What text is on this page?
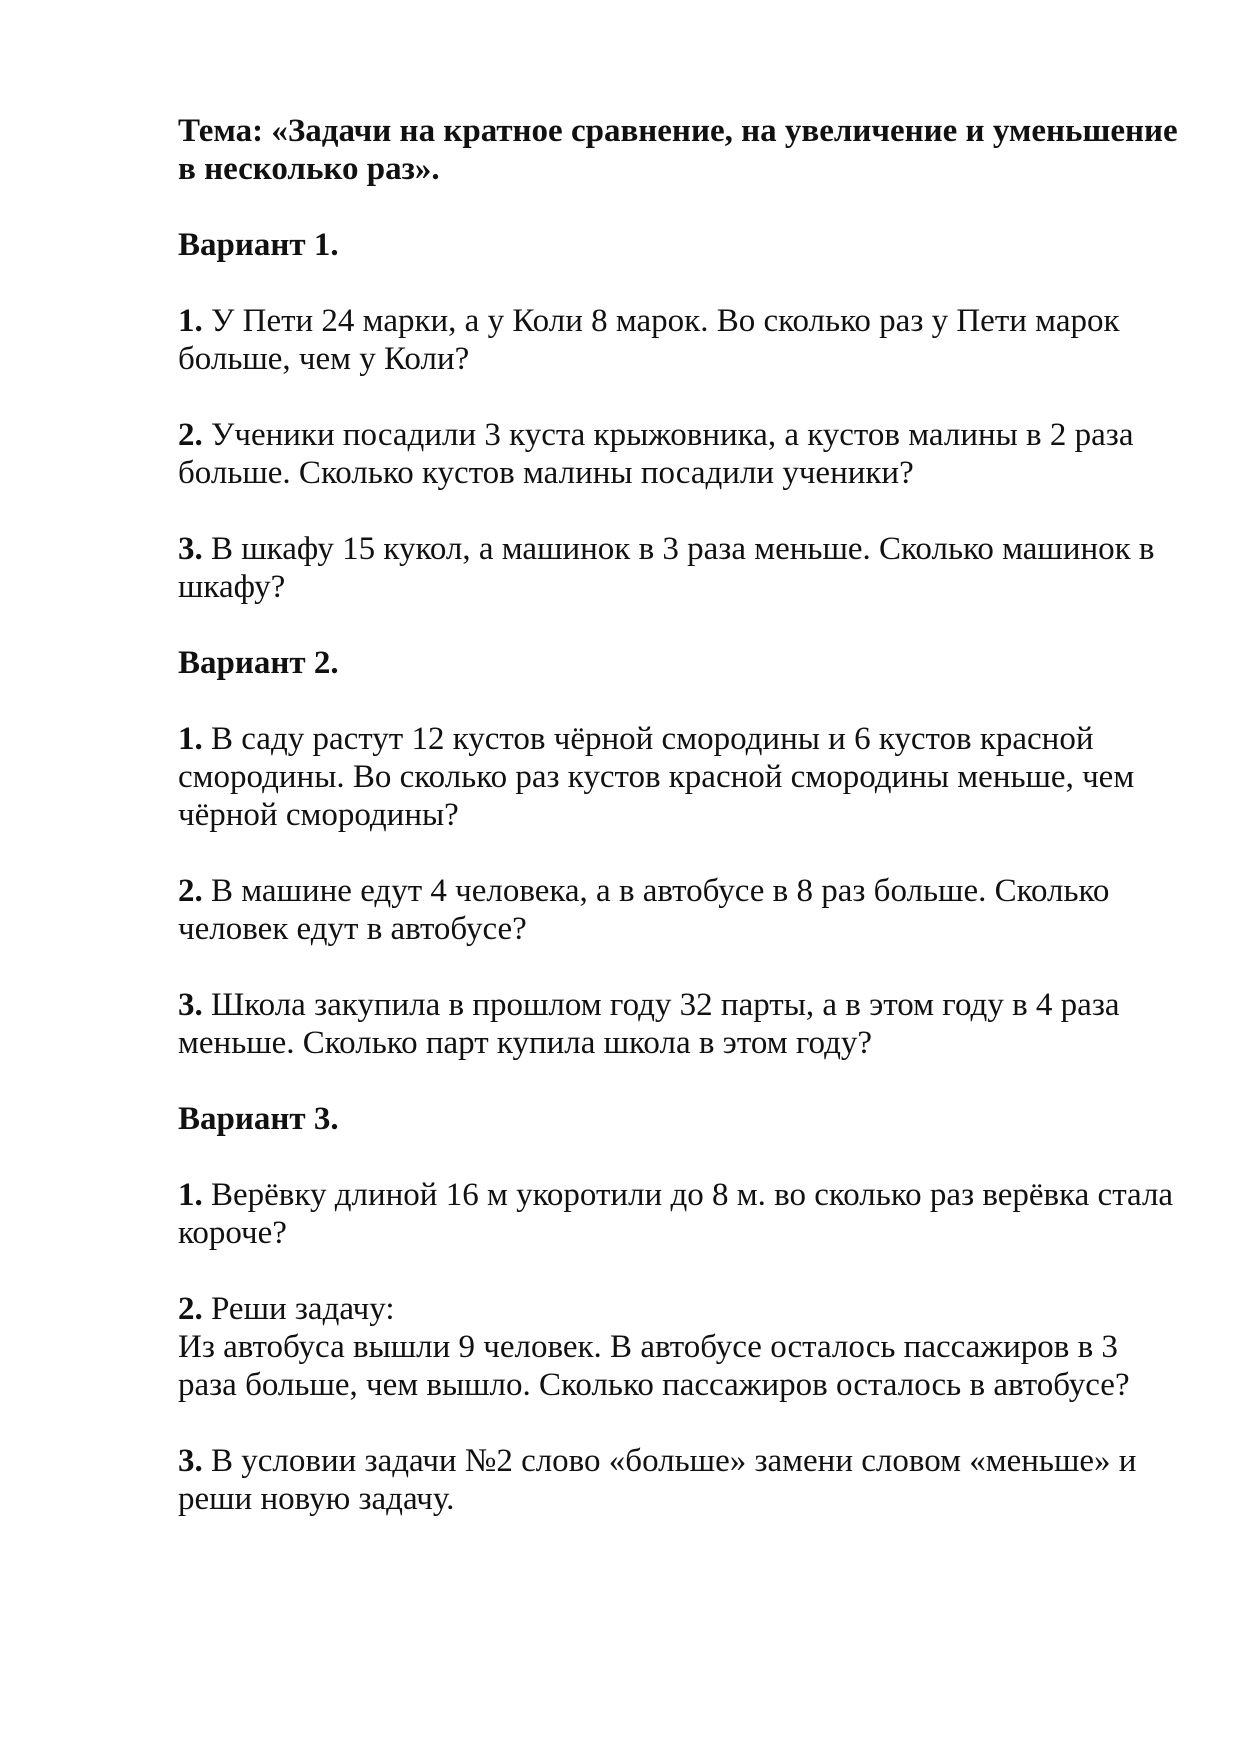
Тема: «Задачи на кратное сравнение, на увеличение и уменьшение в несколько раз».
Вариант 1.

1. У Пети 24 марки, а у Коли 8 марок. Во сколько раз у Пети марок больше, чем у Коли?

2. Ученики посадили 3 куста крыжовника, а кустов малины в 2 раза больше. Сколько кустов малины посадили ученики?

3. В шкафу 15 кукол, а машинок в 3 раза меньше. Сколько машинок в шкафу?

Вариант 2.

1. В саду растут 12 кустов чёрной смородины и 6 кустов красной смородины. Во сколько раз кустов красной смородины меньше, чем чёрной смородины?

2. В машине едут 4 человека, а в автобусе в 8 раз больше. Сколько человек едут в автобусе?

3. Школа закупила в прошлом году 32 парты, а в этом году в 4 раза меньше. Сколько парт купила школа в этом году?

Вариант 3.

1. Верёвку длиной 16 м укоротили до 8 м. во сколько раз верёвка стала короче?

2. Реши задачу:
Из автобуса вышли 9 человек. В автобусе осталось пассажиров в 3 раза больше, чем вышло. Сколько пассажиров осталось в автобусе?

3. В условии задачи №2 слово «больше» замени словом «меньше» и реши новую задачу.
